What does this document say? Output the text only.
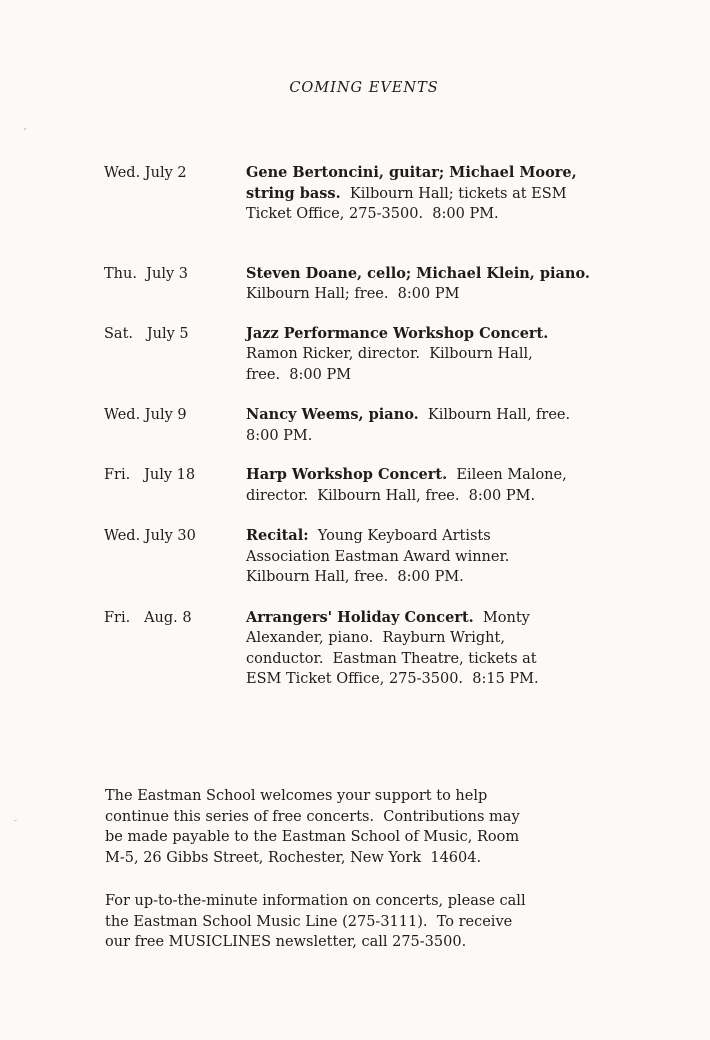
COMING EVENTS
Wed. July 2	Gene Bertoncini, guitar; Michael Moore,
string bass.  Kilbourn Hall; tickets at ESM
Ticket Office, 275-3500.  8:00 PM.
Thu.  July 3	Steven Doane, cello; Michael Klein, piano.
Kilbourn Hall; free.  8:00 PM
Sat.   July 5	Jazz Performance Workshop Concert.
Ramon Ricker, director.  Kilbourn Hall,
free.  8:00 PM
Wed. July 9	Nancy Weems, piano.  Kilbourn Hall, free.
8:00 PM.
Fri.   July 18	Harp Workshop Concert.  Eileen Malone,
director.  Kilbourn Hall, free.  8:00 PM.
Wed. July 30	Recital:  Young Keyboard Artists
Association Eastman Award winner.
Kilbourn Hall, free.  8:00 PM.
Fri.   Aug. 8	Arrangers' Holiday Concert.  Monty
Alexander, piano.  Rayburn Wright,
conductor.  Eastman Theatre, tickets at
ESM Ticket Office, 275-3500.  8:15 PM.
The Eastman School welcomes your support to help
continue this series of free concerts.  Contributions may
be made payable to the Eastman School of Music, Room
M-5, 26 Gibbs Street, Rochester, New York  14604.
For up-to-the-minute information on concerts, please call
the Eastman School Music Line (275-3111).  To receive
our free MUSICLINES newsletter, call 275-3500.
